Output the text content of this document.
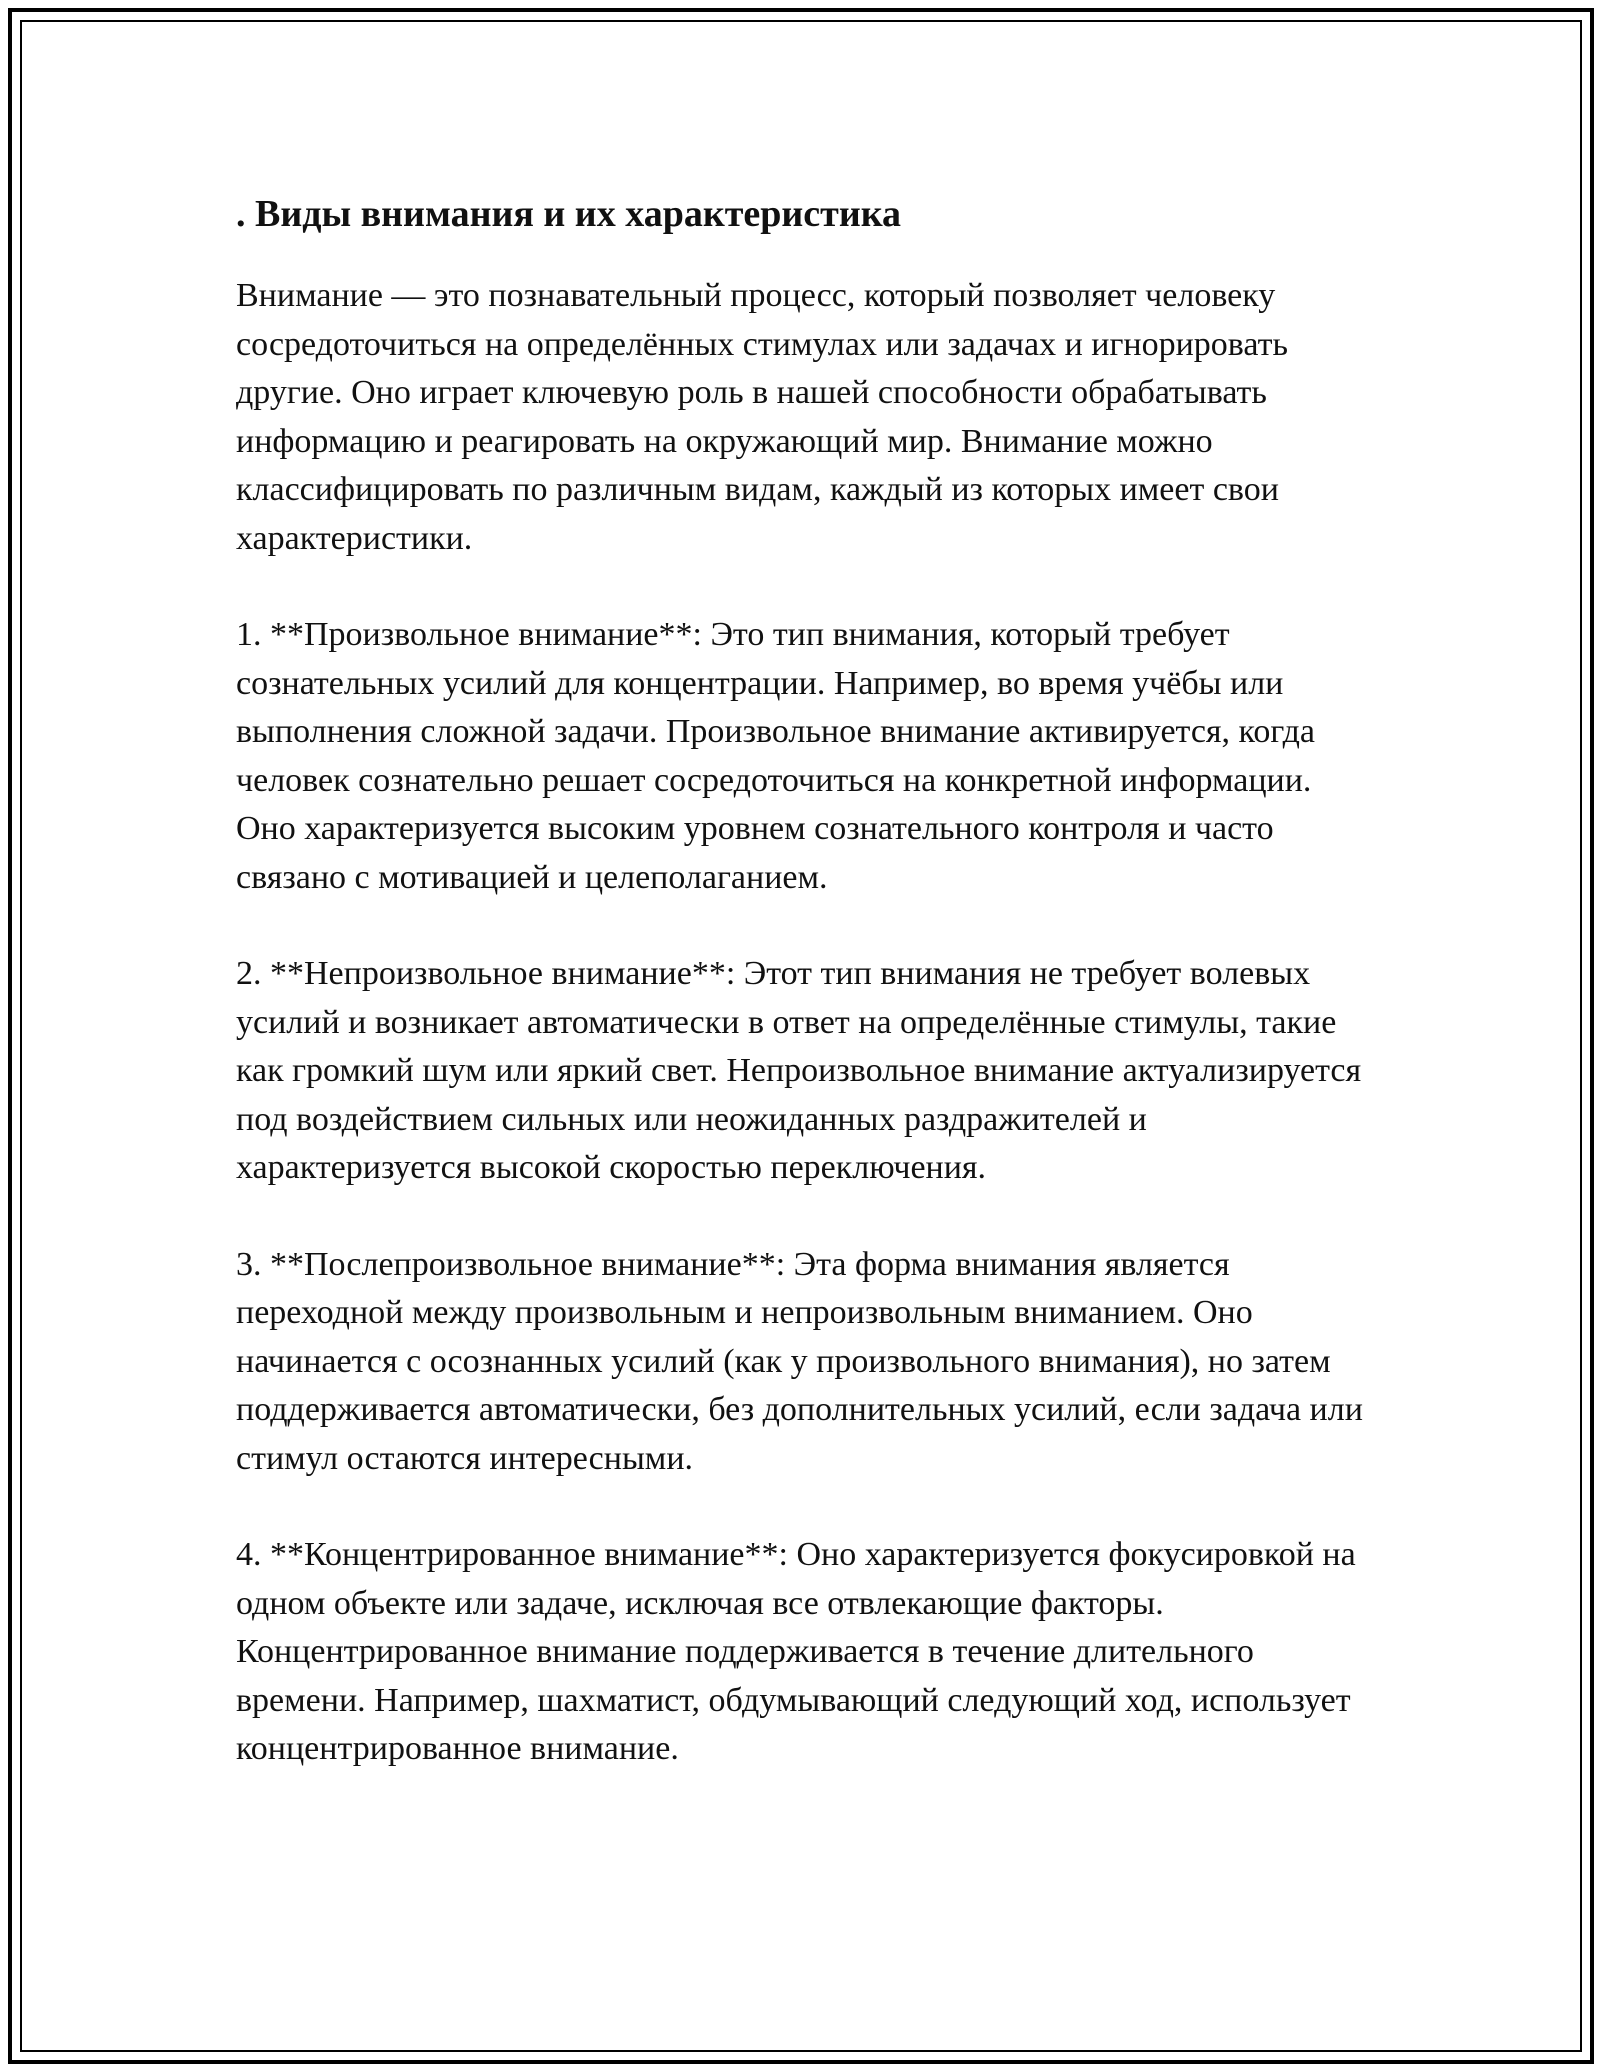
. Виды внимания и их характеристика

Внимание — это познавательный процесс, который позволяет человеку сосредоточиться на определённых стимулах или задачах и игнорировать другие. Оно играет ключевую роль в нашей способности обрабатывать информацию и реагировать на окружающий мир. Внимание можно классифицировать по различным видам, каждый из которых имеет свои характеристики.

1. **Произвольное внимание**: Это тип внимания, который требует сознательных усилий для концентрации. Например, во время учёбы или выполнения сложной задачи. Произвольное внимание активируется, когда человек сознательно решает сосредоточиться на конкретной информации. Оно характеризуется высоким уровнем сознательного контроля и часто связано с мотивацией и целеполаганием.

2. **Непроизвольное внимание**: Этот тип внимания не требует волевых усилий и возникает автоматически в ответ на определённые стимулы, такие как громкий шум или яркий свет. Непроизвольное внимание актуализируется под воздействием сильных или неожиданных раздражителей и характеризуется высокой скоростью переключения.

3. **Послепроизвольное внимание**: Эта форма внимания является переходной между произвольным и непроизвольным вниманием. Оно начинается с осознанных усилий (как у произвольного внимания), но затем поддерживается автоматически, без дополнительных усилий, если задача или стимул остаются интересными.

4. **Концентрированное внимание**: Оно характеризуется фокусировкой на одном объекте или задаче, исключая все отвлекающие факторы. Концентрированное внимание поддерживается в течение длительного времени. Например, шахматист, обдумывающий следующий ход, использует концентрированное внимание.
